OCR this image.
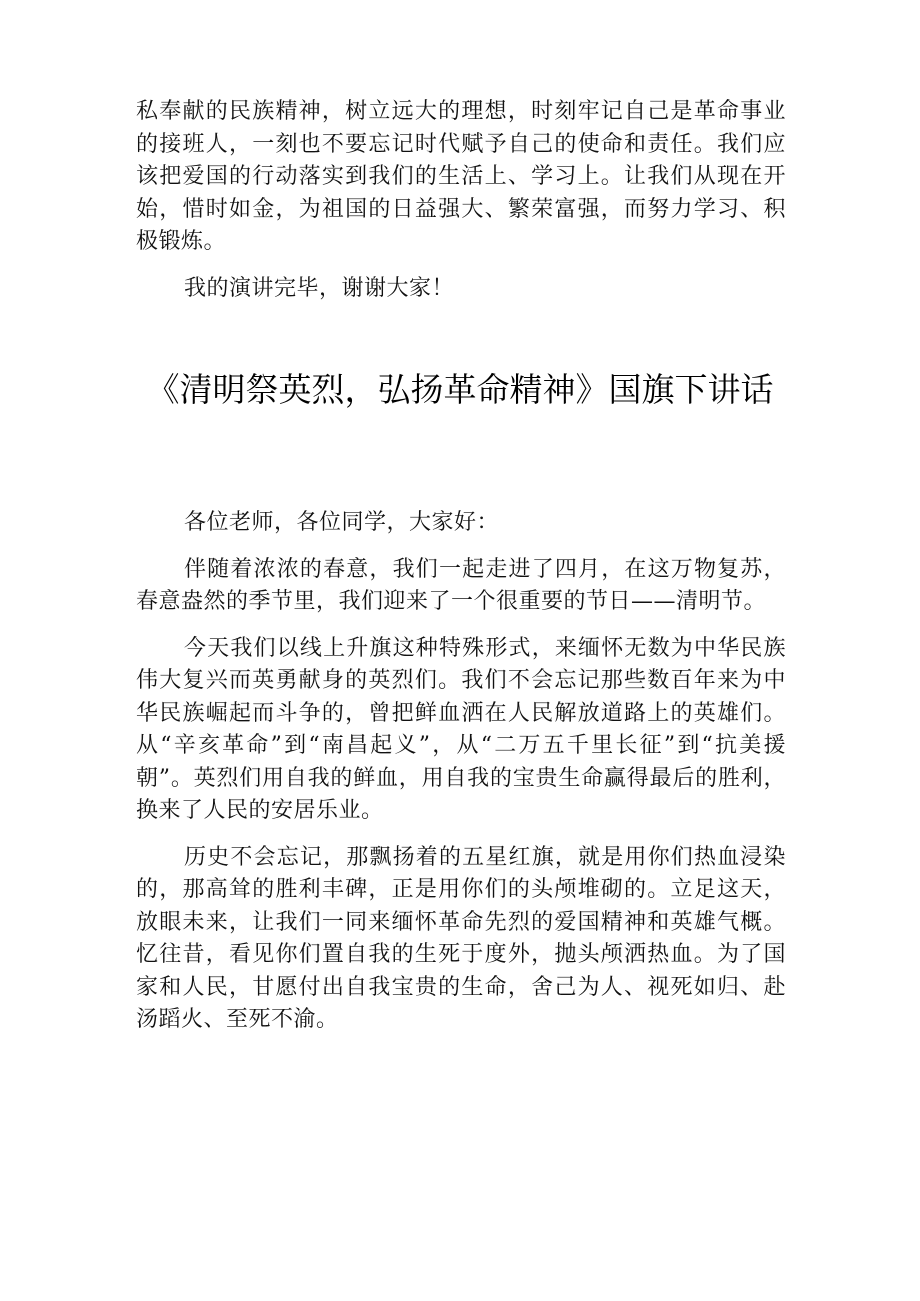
私奉献的民族精神，树立远大的理想，时刻牢记自己是革命事业的接班人，一刻也不要忘记时代赋予自己的使命和责任。我们应该把爱国的行动落实到我们的生活上、学习上。让我们从现在开始，惜时如金，为祖国的日益强大、繁荣富强，而努力学习、积极锻炼。

我的演讲完毕，谢谢大家！

《清明祭英烈，弘扬革命精神》国旗下讲话

各位老师，各位同学，大家好：

伴随着浓浓的春意，我们一起走进了四月，在这万物复苏，春意盎然的季节里，我们迎来了一个很重要的节日——清明节。

今天我们以线上升旗这种特殊形式，来缅怀无数为中华民族伟大复兴而英勇献身的英烈们。我们不会忘记那些数百年来为中华民族崛起而斗争的，曾把鲜血洒在人民解放道路上的英雄们。从“辛亥革命”到“南昌起义”，从“二万五千里长征”到“抗美援朝”。英烈们用自我的鲜血，用自我的宝贵生命赢得最后的胜利，换来了人民的安居乐业。

历史不会忘记，那飘扬着的五星红旗，就是用你们热血浸染的，那高耸的胜利丰碑，正是用你们的头颅堆砌的。立足这天，放眼未来，让我们一同来缅怀革命先烈的爱国精神和英雄气概。忆往昔，看见你们置自我的生死于度外，抛头颅洒热血。为了国家和人民，甘愿付出自我宝贵的生命，舍己为人、视死如归、赴汤蹈火、至死不渝。
